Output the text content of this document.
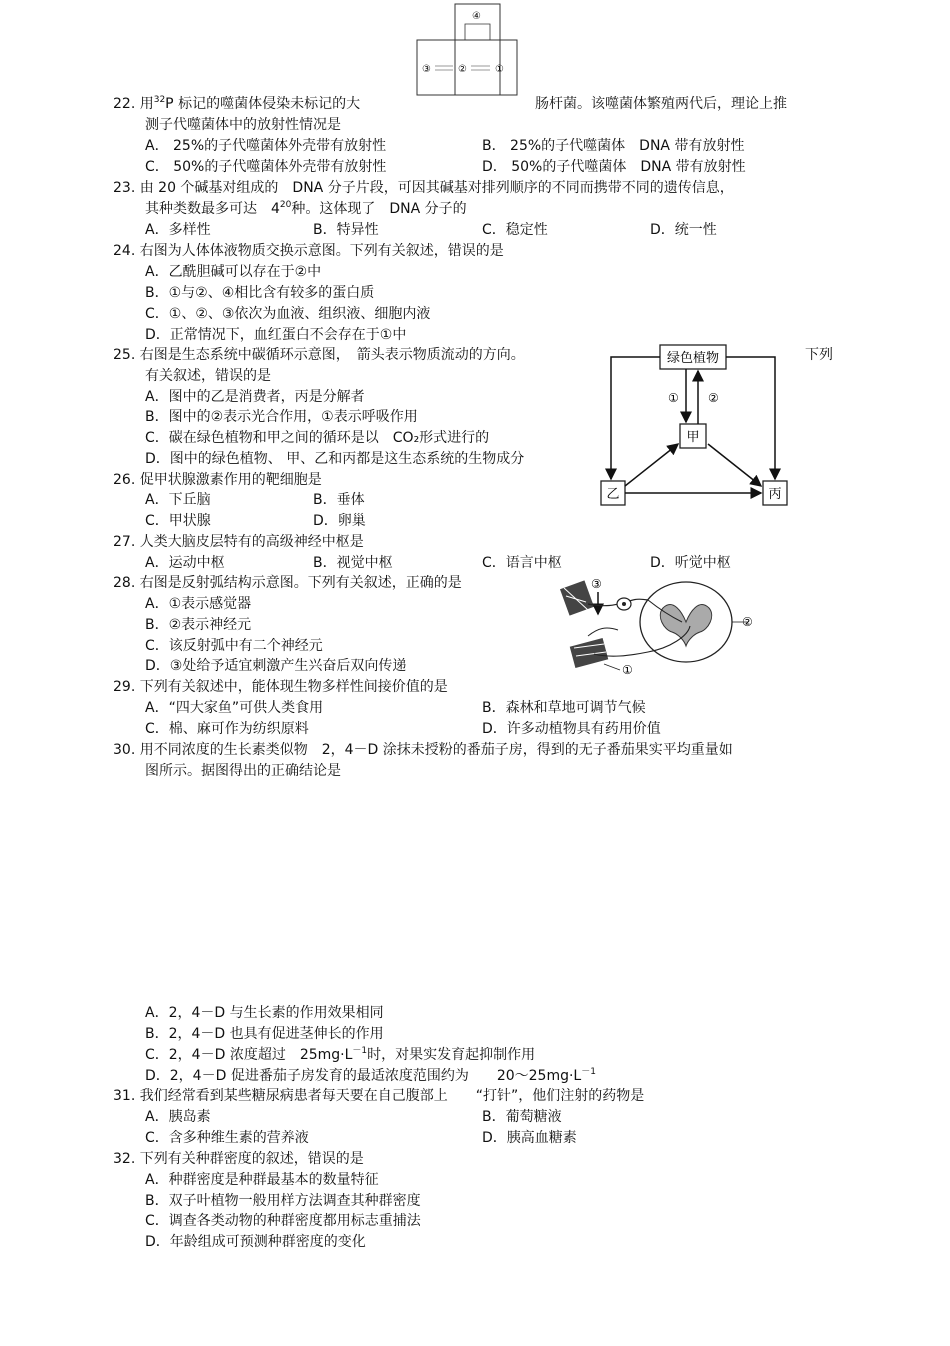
④
③	②	①
22. 用$^{32}$P 标记的噬菌体侵染未标记的大	肠杆菌。该噬菌体繁殖两代后，理论上推
测子代噬菌体中的放射性情况是
A． 25%的子代噬菌体外壳带有放射性	B． 25%的子代噬菌体　DNA 带有放射性
C． 50%的子代噬菌体外壳带有放射性	D． 50%的子代噬菌体　DNA 带有放射性
23. 由 20 个碱基对组成的　DNA 分子片段，可因其碱基对排列顺序的不同而携带不同的遗传信息，
其种类数最多可达　$4^{20}$种。这体现了　DNA 分子的
A．多样性	B．特异性	C．稳定性	D．统一性
24. 右图为人体体液物质交换示意图。下列有关叙述，错误的是
A．乙酰胆碱可以存在于②中
B．①与②、④相比含有较多的蛋白质
C．①、②、③依次为血液、组织液、细胞内液
D．正常情况下，血红蛋白不会存在于①中
25. 右图是生态系统中碳循环示意图，　箭头表示物质流动的方向。	下列
有关叙述，错误的是
A．图中的乙是消费者，丙是分解者
B．图中的②表示光合作用，①表示呼吸作用
C．碳在绿色植物和甲之间的循环是以　CO₂形式进行的
D．图中的绿色植物、 甲、乙和丙都是这生态系统的生物成分
绿色植物
甲
乙	丙
① ②
26. 促甲状腺激素作用的靶细胞是
A．下丘脑	B．垂体
C．甲状腺	D．卵巢
27. 人类大脑皮层特有的高级神经中枢是
A．运动中枢	B．视觉中枢	C．语言中枢	D．听觉中枢
28. 右图是反射弧结构示意图。下列有关叙述，正确的是
A．①表示感觉器
B．②表示神经元
C．该反射弧中有二个神经元
D．③处给予适宜刺激产生兴奋后双向传递
③
②
①
29. 下列有关叙述中，能体现生物多样性间接价值的是
A．“四大家鱼”可供人类食用	B．森林和草地可调节气候
C．棉、麻可作为纺织原料	D．许多动植物具有药用价值
30. 用不同浓度的生长素类似物　2，4－D 涂抹未授粉的番茄子房，得到的无子番茄果实平均重量如
图所示。据图得出的正确结论是
A．2，4－D 与生长素的作用效果相同
B．2，4－D 也具有促进茎伸长的作用
C．2，4－D 浓度超过　$25mg\cdot L^{-1}$时，对果实发育起抑制作用
D．2，4－D 促进番茄子房发育的最适浓度范围约为　　$20\sim 25mg\cdot L^{-1}$
31. 我们经常看到某些糖尿病患者每天要在自己腹部上　　“打针”，他们注射的药物是
A．胰岛素	B．葡萄糖液
C．含多种维生素的营养液	D．胰高血糖素
32. 下列有关种群密度的叙述，错误的是
A．种群密度是种群最基本的数量特征
B．双子叶植物一般用样方法调查其种群密度
C．调查各类动物的种群密度都用标志重捕法
D．年龄组成可预测种群密度的变化
